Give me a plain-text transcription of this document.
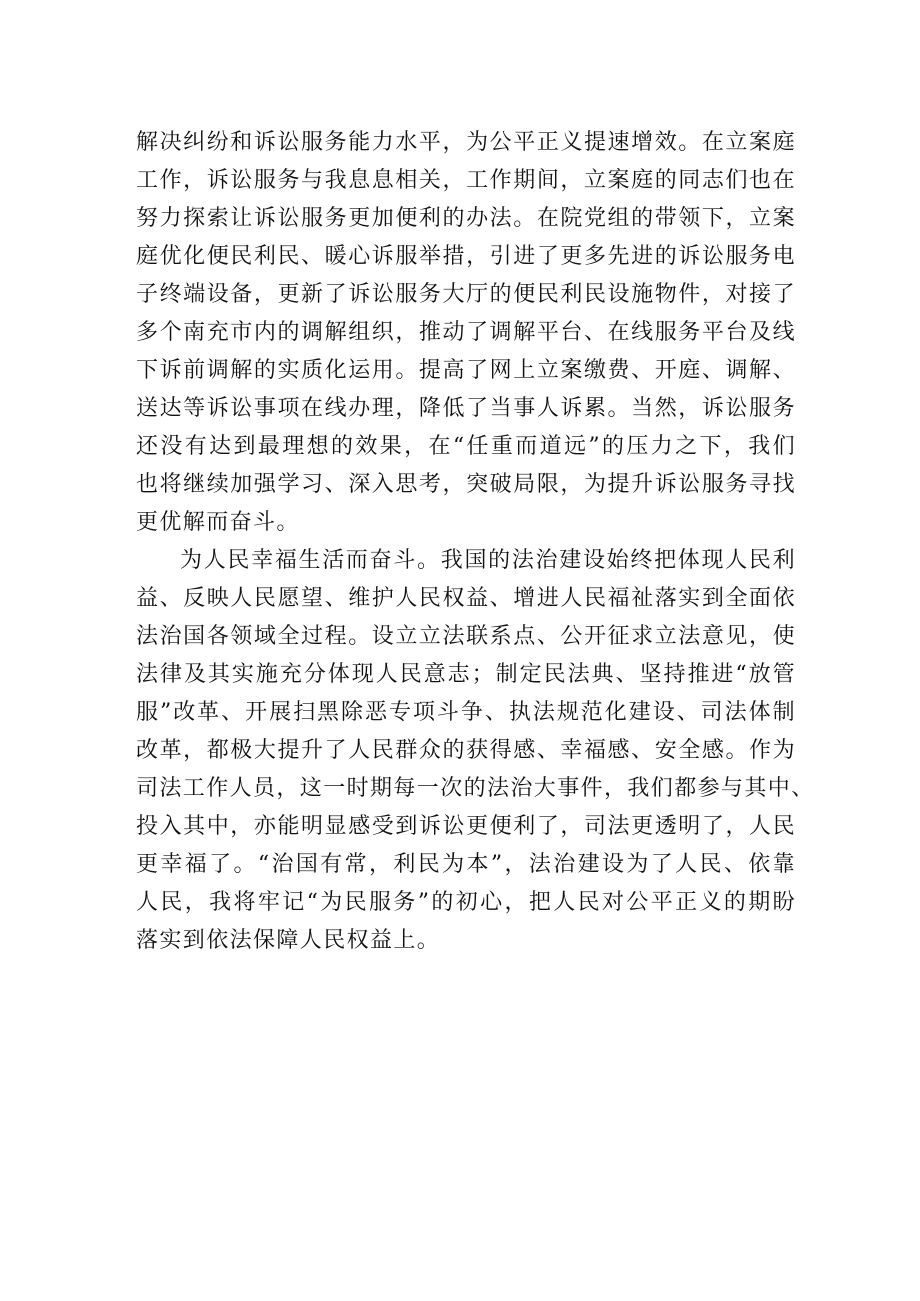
解决纠纷和诉讼服务能力水平，为公平正义提速增效。在立案庭
工作，诉讼服务与我息息相关，工作期间，立案庭的同志们也在
努力探索让诉讼服务更加便利的办法。在院党组的带领下，立案
庭优化便民利民、暖心诉服举措，引进了更多先进的诉讼服务电
子终端设备，更新了诉讼服务大厅的便民利民设施物件，对接了
多个南充市内的调解组织，推动了调解平台、在线服务平台及线
下诉前调解的实质化运用。提高了网上立案缴费、开庭、调解、
送达等诉讼事项在线办理，降低了当事人诉累。当然，诉讼服务
还没有达到最理想的效果，在“任重而道远”的压力之下，我们
也将继续加强学习、深入思考，突破局限，为提升诉讼服务寻找
更优解而奋斗。
为人民幸福生活而奋斗。我国的法治建设始终把体现人民利
益、反映人民愿望、维护人民权益、增进人民福祉落实到全面依
法治国各领域全过程。设立立法联系点、公开征求立法意见，使
法律及其实施充分体现人民意志；制定民法典、坚持推进“放管
服”改革、开展扫黑除恶专项斗争、执法规范化建设、司法体制
改革，都极大提升了人民群众的获得感、幸福感、安全感。作为
司法工作人员，这一时期每一次的法治大事件，我们都参与其中、
投入其中，亦能明显感受到诉讼更便利了，司法更透明了，人民
更幸福了。“治国有常，利民为本”，法治建设为了人民、依靠
人民，我将牢记“为民服务”的初心，把人民对公平正义的期盼
落实到依法保障人民权益上。
